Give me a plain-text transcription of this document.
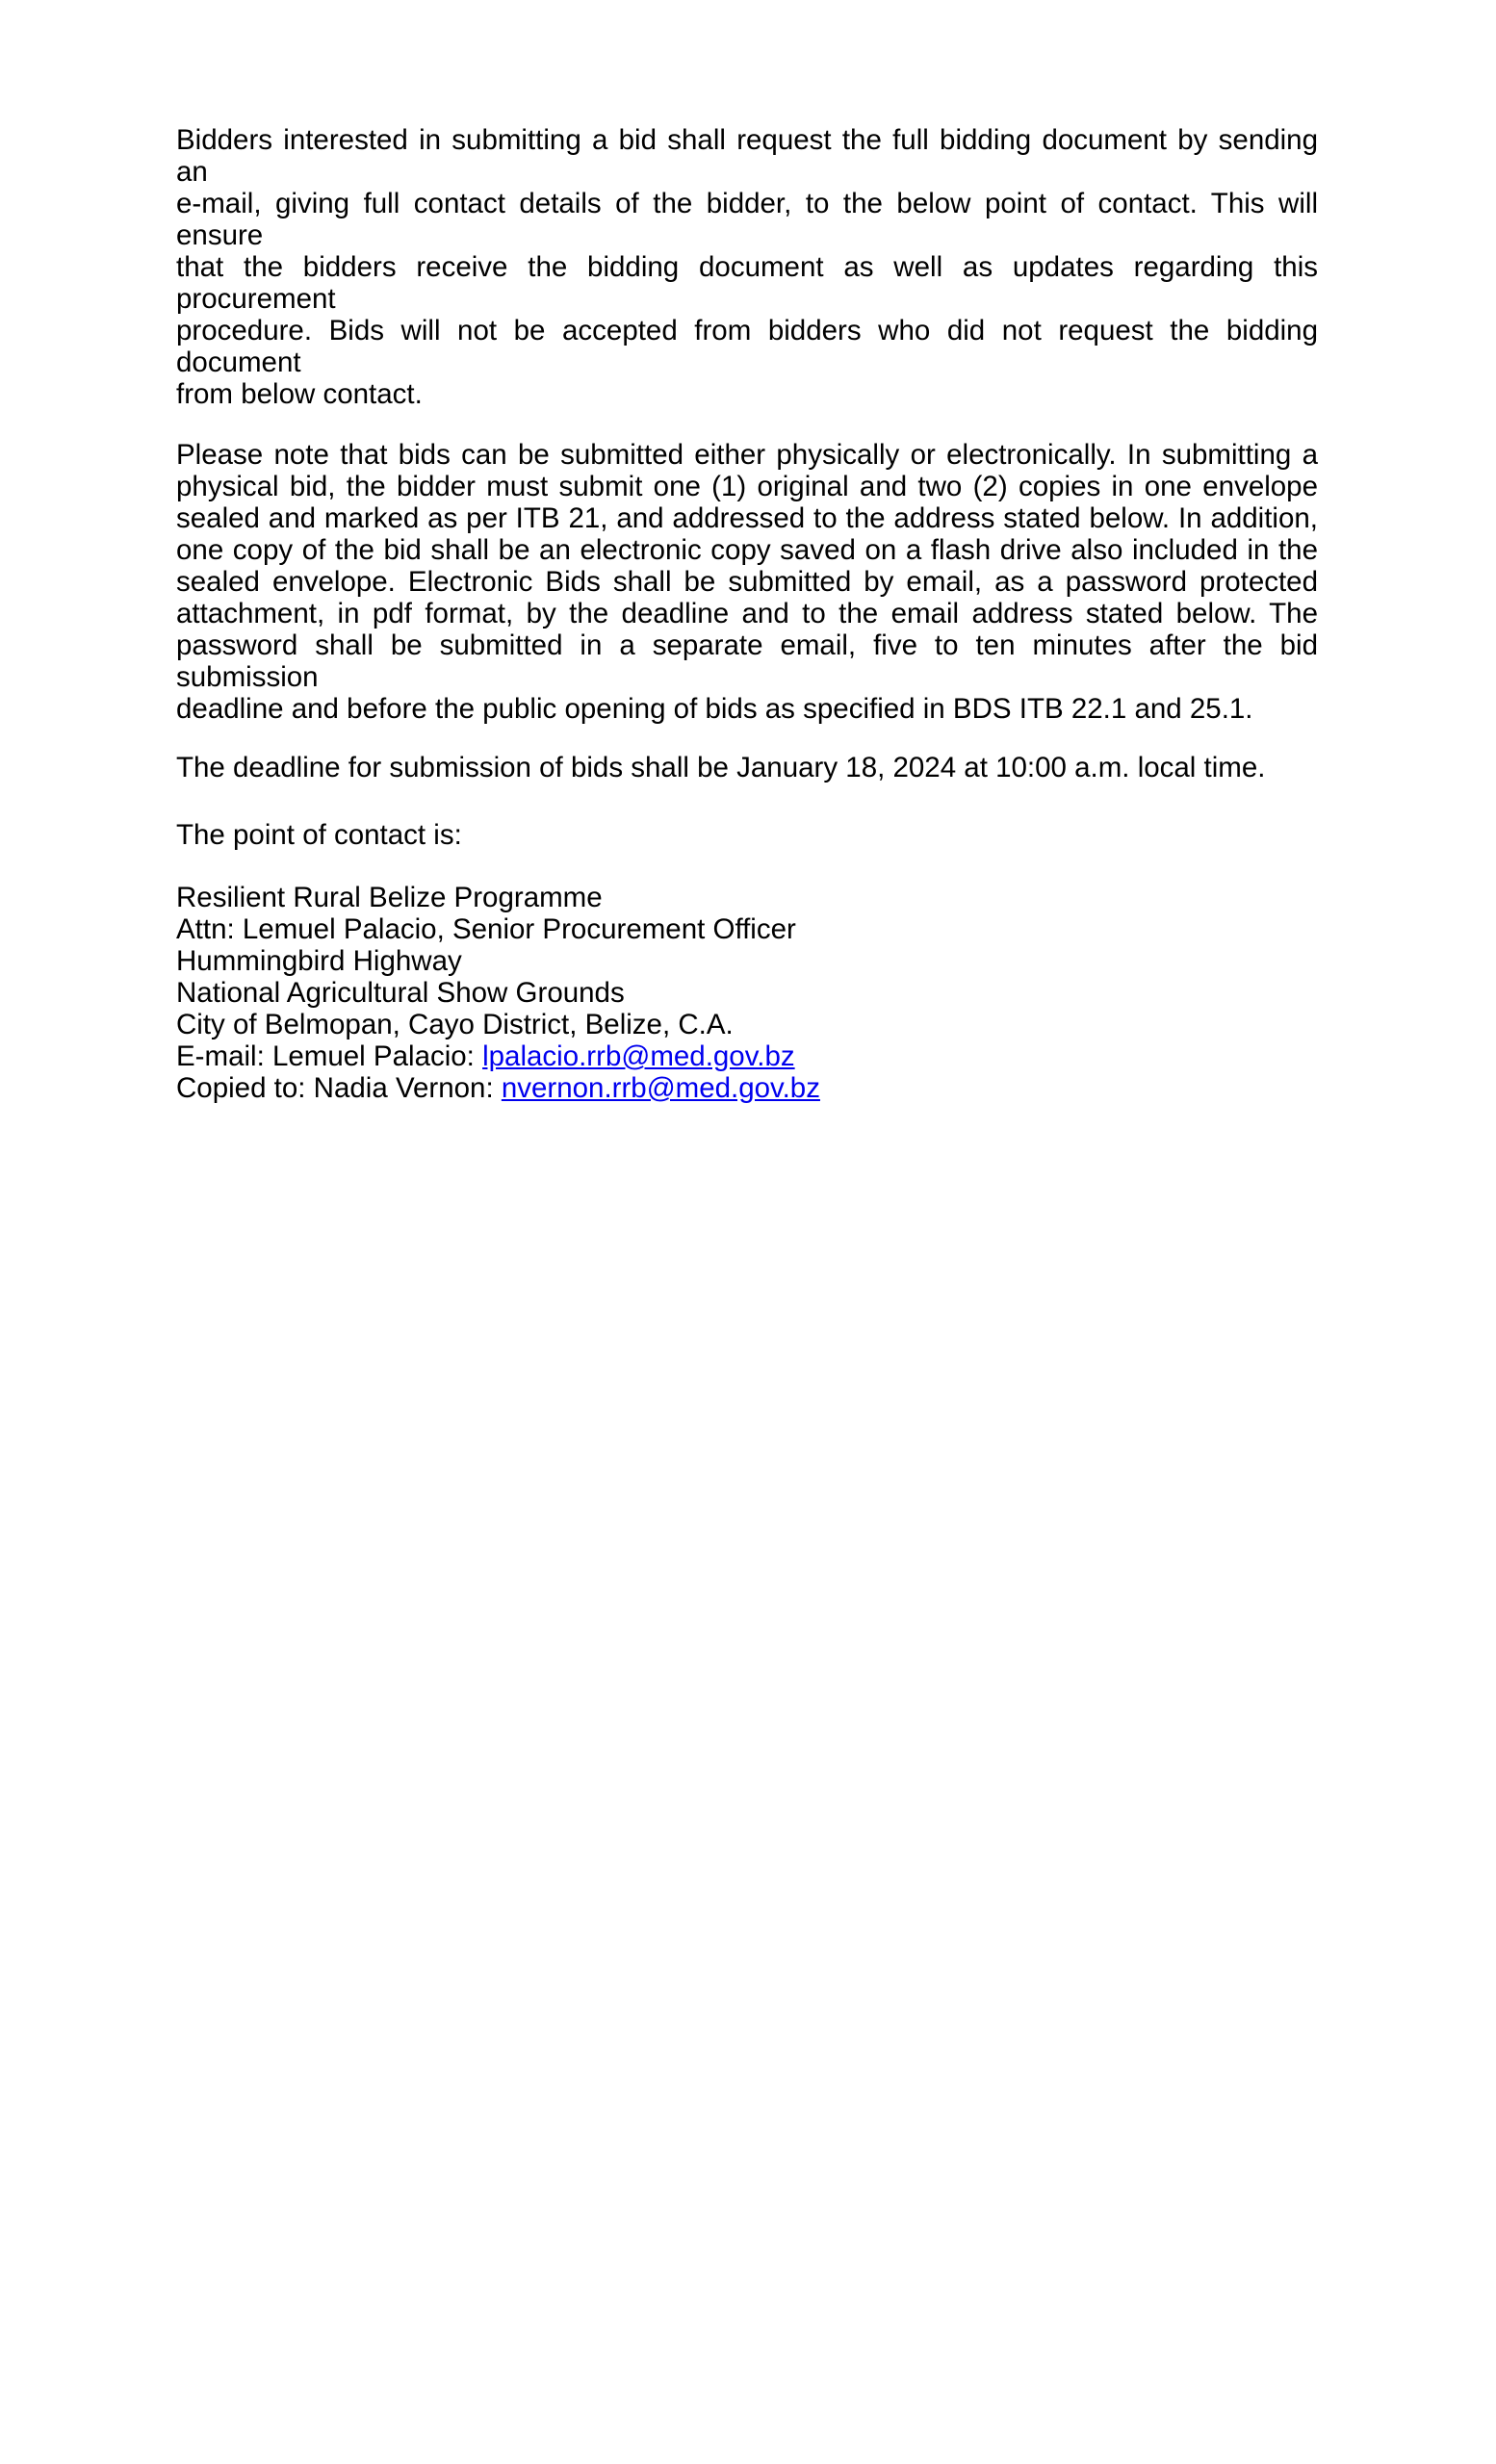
Bidders interested in submitting a bid shall request the full bidding document by sending an
e-mail, giving full contact details of the bidder, to the below point of contact. This will ensure
that the bidders receive the bidding document as well as updates regarding this procurement
procedure. Bids will not be accepted from bidders who did not request the bidding document
from below contact.
Please note that bids can be submitted either physically or electronically. In submitting a
physical bid, the bidder must submit one (1) original and two (2) copies in one envelope
sealed and marked as per ITB 21, and addressed to the address stated below. In addition,
one copy of the bid shall be an electronic copy saved on a flash drive also included in the
sealed envelope. Electronic Bids shall be submitted by email, as a password protected
attachment, in pdf format, by the deadline and to the email address stated below. The
password shall be submitted in a separate email, five to ten minutes after the bid submission
deadline and before the public opening of bids as specified in BDS ITB 22.1 and 25.1.
The deadline for submission of bids shall be January 18, 2024 at 10:00 a.m. local time.
The point of contact is:
Resilient Rural Belize Programme
Attn: Lemuel Palacio, Senior Procurement Officer
Hummingbird Highway
National Agricultural Show Grounds
City of Belmopan, Cayo District, Belize, C.A.
E-mail: Lemuel Palacio: lpalacio.rrb@med.gov.bz
Copied to: Nadia Vernon: nvernon.rrb@med.gov.bz
